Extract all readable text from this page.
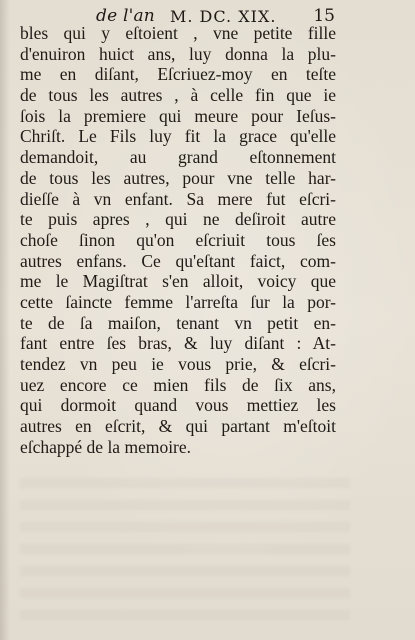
de l'an M. DC. XIX. 15
bles qui y eſtoient , vne petite fille
d'enuiron huict ans, luy donna la plu-
me en diſant, Eſcriuez-moy en teſte
de tous les autres , à celle fin que ie
ſois la premiere qui meure pour Ieſus-
Chriſt. Le Fils luy fit la grace qu'elle
demandoit, au grand eſtonnement
de tous les autres, pour vne telle har-
dieſſe à vn enfant. Sa mere fut eſcri-
te puis apres , qui ne deſiroit autre
choſe ſinon qu'on eſcriuit tous ſes
autres enfans. Ce qu'eſtant faict, com-
me le Magiſtrat s'en alloit, voicy que
cette ſaincte femme l'arreſta ſur la por-
te de ſa maiſon, tenant vn petit en-
fant entre ſes bras, & luy diſant : At-
tendez vn peu ie vous prie, & eſcri-
uez encore ce mien fils de ſix ans,
qui dormoit quand vous mettiez les
autres en eſcrit, & qui partant m'eſtoit
eſchappé de la memoire.
